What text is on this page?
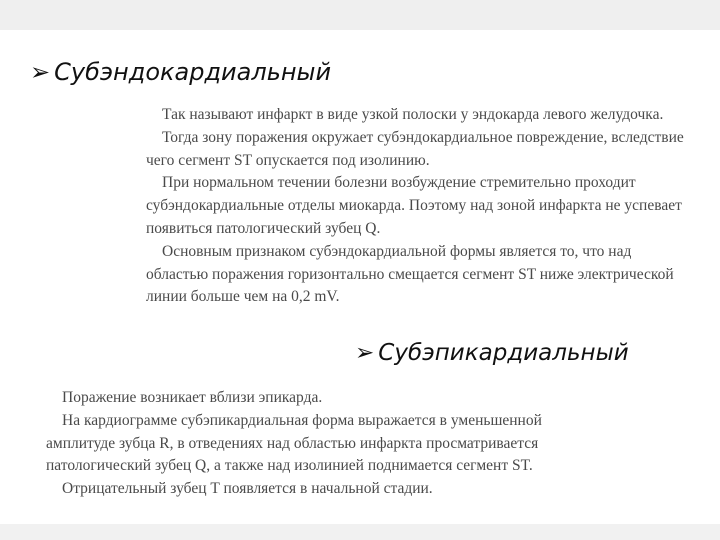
➢ Субэндокардиальный

Так называют инфаркт в виде узкой полоски у эндокарда левого желудочка.

Тогда зону поражения окружает субэндокардиальное повреждение, вследствие чего сегмент ST опускается под изолинию.

При нормальном течении болезни возбуждение стремительно проходит субэндокардиальные отделы миокарда. Поэтому над зоной инфаркта не успевает появиться патологический зубец Q.

Основным признаком субэндокардиальной формы является то, что над областью поражения горизонтально смещается сегмент ST ниже электрической линии больше чем на 0,2 mV.

➢ Субэпикардиальный

Поражение возникает вблизи эпикарда.

На кардиограмме субэпикардиальная форма выражается в уменьшенной амплитуде зубца R, в отведениях над областью инфаркта просматривается патологический зубец Q, а также над изолинией поднимается сегмент ST.

Отрицательный зубец T появляется в начальной стадии.
